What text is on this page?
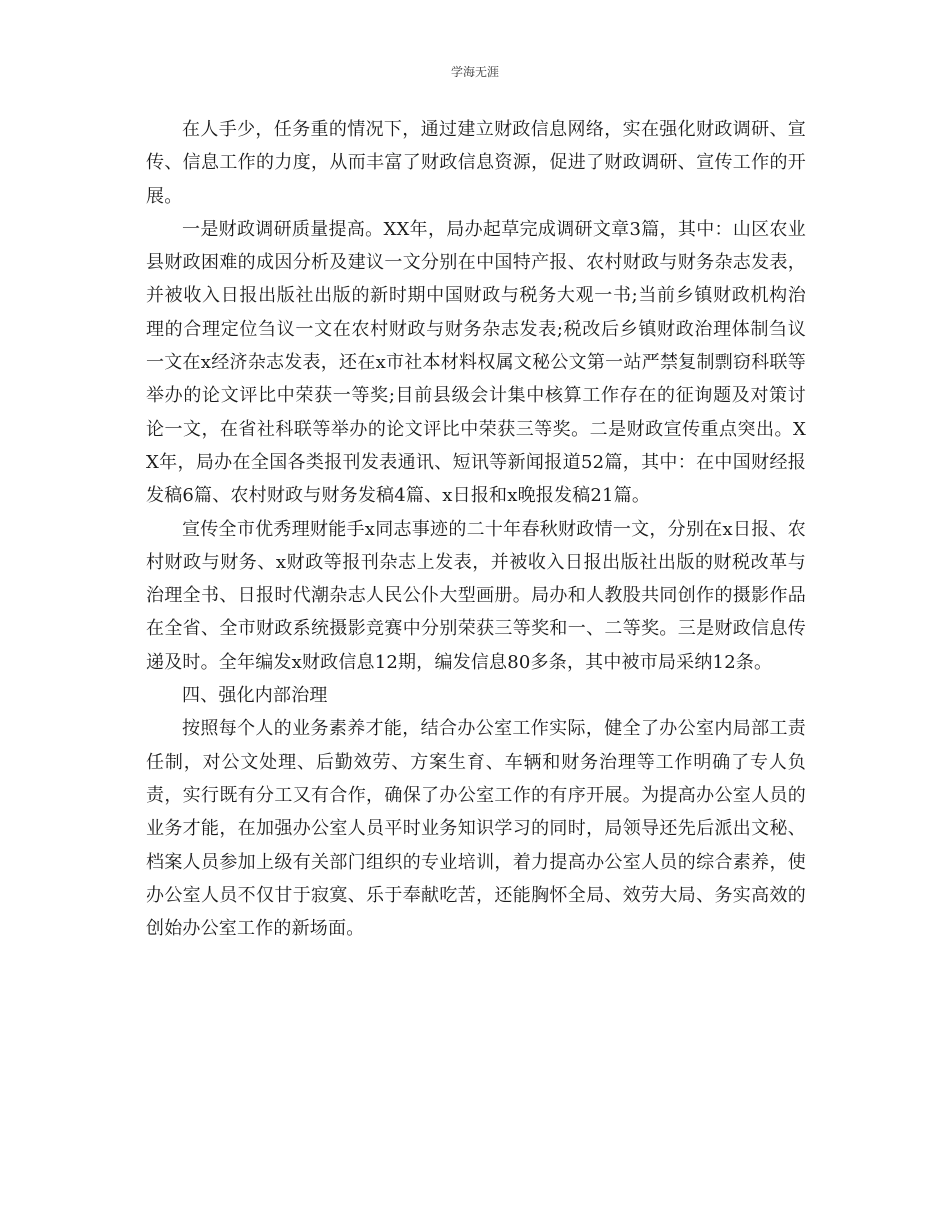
学海无涯

在人手少，任务重的情况下，通过建立财政信息网络，实在强化财政调研、宣传、信息工作的力度，从而丰富了财政信息资源，促进了财政调研、宣传工作的开展。

一是财政调研质量提高。XX年，局办起草完成调研文章3篇，其中：山区农业县财政困难的成因分析及建议一文分别在中国特产报、农村财政与财务杂志发表，并被收入日报出版社出版的新时期中国财政与税务大观一书;当前乡镇财政机构治理的合理定位刍议一文在农村财政与财务杂志发表;税改后乡镇财政治理体制刍议一文在x经济杂志发表，还在x市社本材料权属文秘公文第一站严禁复制剽窃科联等举办的论文评比中荣获一等奖;目前县级会计集中核算工作存在的征询题及对策讨论一文，在省社科联等举办的论文评比中荣获三等奖。二是财政宣传重点突出。XX年，局办在全国各类报刊发表通讯、短讯等新闻报道52篇，其中：在中国财经报发稿6篇、农村财政与财务发稿4篇、x日报和x晚报发稿21篇。

宣传全市优秀理财能手x同志事迹的二十年春秋财政情一文，分别在x日报、农村财政与财务、x财政等报刊杂志上发表，并被收入日报出版社出版的财税改革与治理全书、日报时代潮杂志人民公仆大型画册。局办和人教股共同创作的摄影作品在全省、全市财政系统摄影竞赛中分别荣获三等奖和一、二等奖。三是财政信息传递及时。全年编发x财政信息12期，编发信息80多条，其中被市局采纳12条。

四、强化内部治理

按照每个人的业务素养才能，结合办公室工作实际，健全了办公室内局部工责任制，对公文处理、后勤效劳、方案生育、车辆和财务治理等工作明确了专人负责，实行既有分工又有合作，确保了办公室工作的有序开展。为提高办公室人员的业务才能，在加强办公室人员平时业务知识学习的同时，局领导还先后派出文秘、档案人员参加上级有关部门组织的专业培训，着力提高办公室人员的综合素养，使办公室人员不仅甘于寂寞、乐于奉献吃苦，还能胸怀全局、效劳大局、务实高效的创始办公室工作的新场面。
